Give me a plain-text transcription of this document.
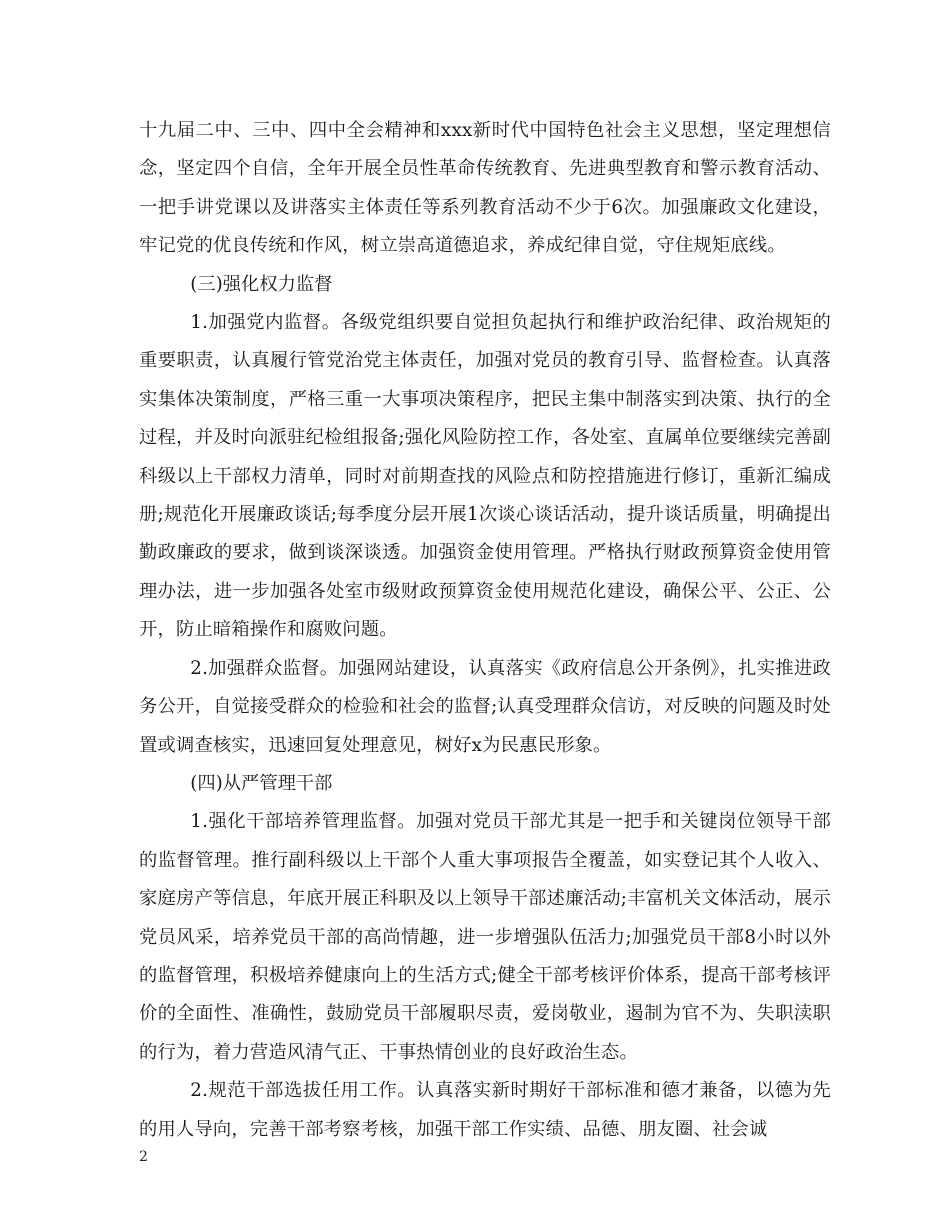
十九届二中、三中、四中全会精神和xxx新时代中国特色社会主义思想，坚定理想信念，坚定四个自信，全年开展全员性革命传统教育、先进典型教育和警示教育活动、一把手讲党课以及讲落实主体责任等系列教育活动不少于6次。加强廉政文化建设，牢记党的优良传统和作风，树立崇高道德追求，养成纪律自觉，守住规矩底线。

(三)强化权力监督

1.加强党内监督。各级党组织要自觉担负起执行和维护政治纪律、政治规矩的重要职责，认真履行管党治党主体责任，加强对党员的教育引导、监督检查。认真落实集体决策制度，严格三重一大事项决策程序，把民主集中制落实到决策、执行的全过程，并及时向派驻纪检组报备;强化风险防控工作，各处室、直属单位要继续完善副科级以上干部权力清单，同时对前期查找的风险点和防控措施进行修订，重新汇编成册;规范化开展廉政谈话;每季度分层开展1次谈心谈话活动，提升谈话质量，明确提出勤政廉政的要求，做到谈深谈透。加强资金使用管理。严格执行财政预算资金使用管理办法，进一步加强各处室市级财政预算资金使用规范化建设，确保公平、公正、公开，防止暗箱操作和腐败问题。

2.加强群众监督。加强网站建设，认真落实《政府信息公开条例》，扎实推进政务公开，自觉接受群众的检验和社会的监督;认真受理群众信访，对反映的问题及时处置或调查核实，迅速回复处理意见，树好x为民惠民形象。

(四)从严管理干部

1.强化干部培养管理监督。加强对党员干部尤其是一把手和关键岗位领导干部的监督管理。推行副科级以上干部个人重大事项报告全覆盖，如实登记其个人收入、家庭房产等信息，年底开展正科职及以上领导干部述廉活动;丰富机关文体活动，展示党员风采，培养党员干部的高尚情趣，进一步增强队伍活力;加强党员干部8小时以外的监督管理，积极培养健康向上的生活方式;健全干部考核评价体系，提高干部考核评价的全面性、准确性，鼓励党员干部履职尽责，爱岗敬业，遏制为官不为、失职渎职的行为，着力营造风清气正、干事热情创业的良好政治生态。

2.规范干部选拔任用工作。认真落实新时期好干部标准和德才兼备，以德为先的用人导向，完善干部考察考核，加强干部工作实绩、品德、朋友圈、社会诚

2
